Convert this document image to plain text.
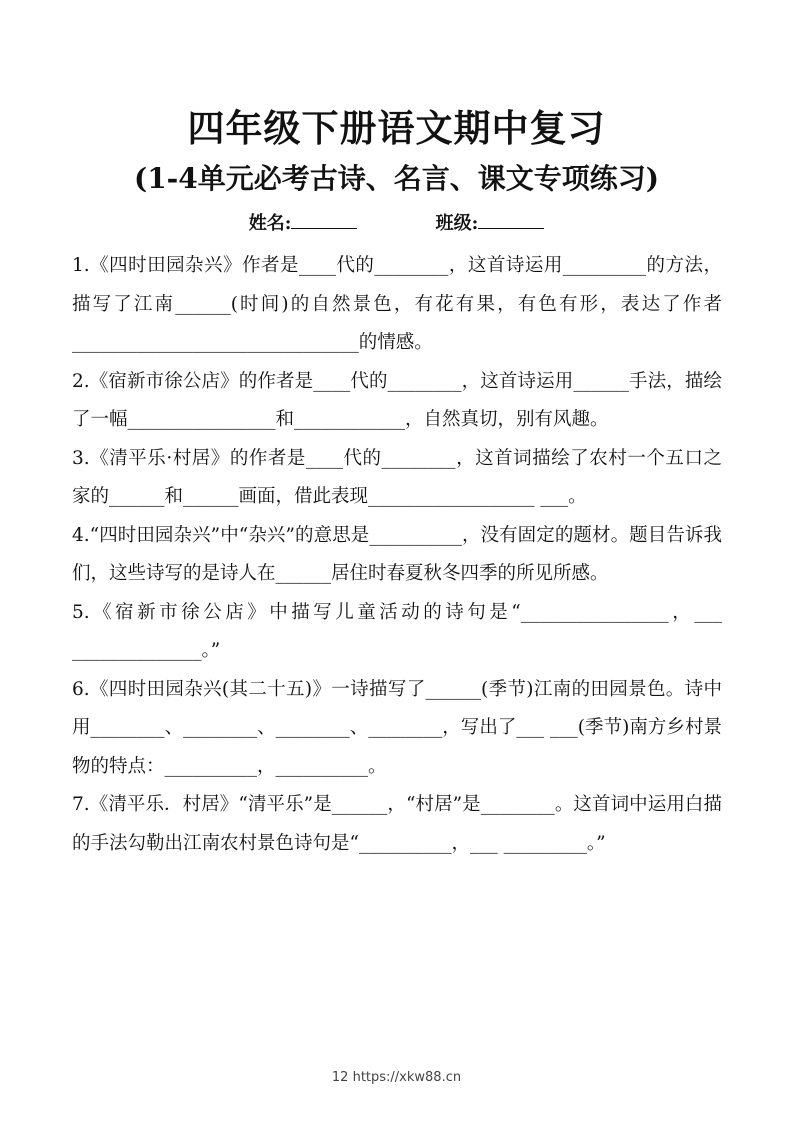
四年级下册语文期中复习
(1-4单元必考古诗、名言、课文专项练习)
姓名:	班级:

1.《四时田园杂兴》作者是____代的________，这首诗运用_________的方法，描写了江南______(时间)的自然景色，有花有果，有色有形，表达了作者_______________________________的情感。

2.《宿新市徐公店》的作者是____代的________，这首诗运用______手法，描绘了一幅________________和____________，自然真切，别有风趣。

3.《清平乐·村居》的作者是____代的________，这首词描绘了农村一个五口之家的______和______画面，借此表现__________________ ___。

4.“四时田园杂兴”中“杂兴”的意思是__________，没有固定的题材。题目告诉我们，这些诗写的是诗人在______居住时春夏秋冬四季的所见所感。

5.《宿新市徐公店》中描写儿童活动的诗句是“________________，___ ______________。”

6.《四时田园杂兴(其二十五)》一诗描写了______(季节)江南的田园景色。诗中用________、________、________、________，写出了___ ___(季节)南方乡村景物的特点：__________，__________。

7.《清平乐．村居》“清平乐”是______，“村居”是________。这首词中运用白描的手法勾勒出江南农村景色诗句是“__________，___ _________。”

12 https://xkw88.cn
